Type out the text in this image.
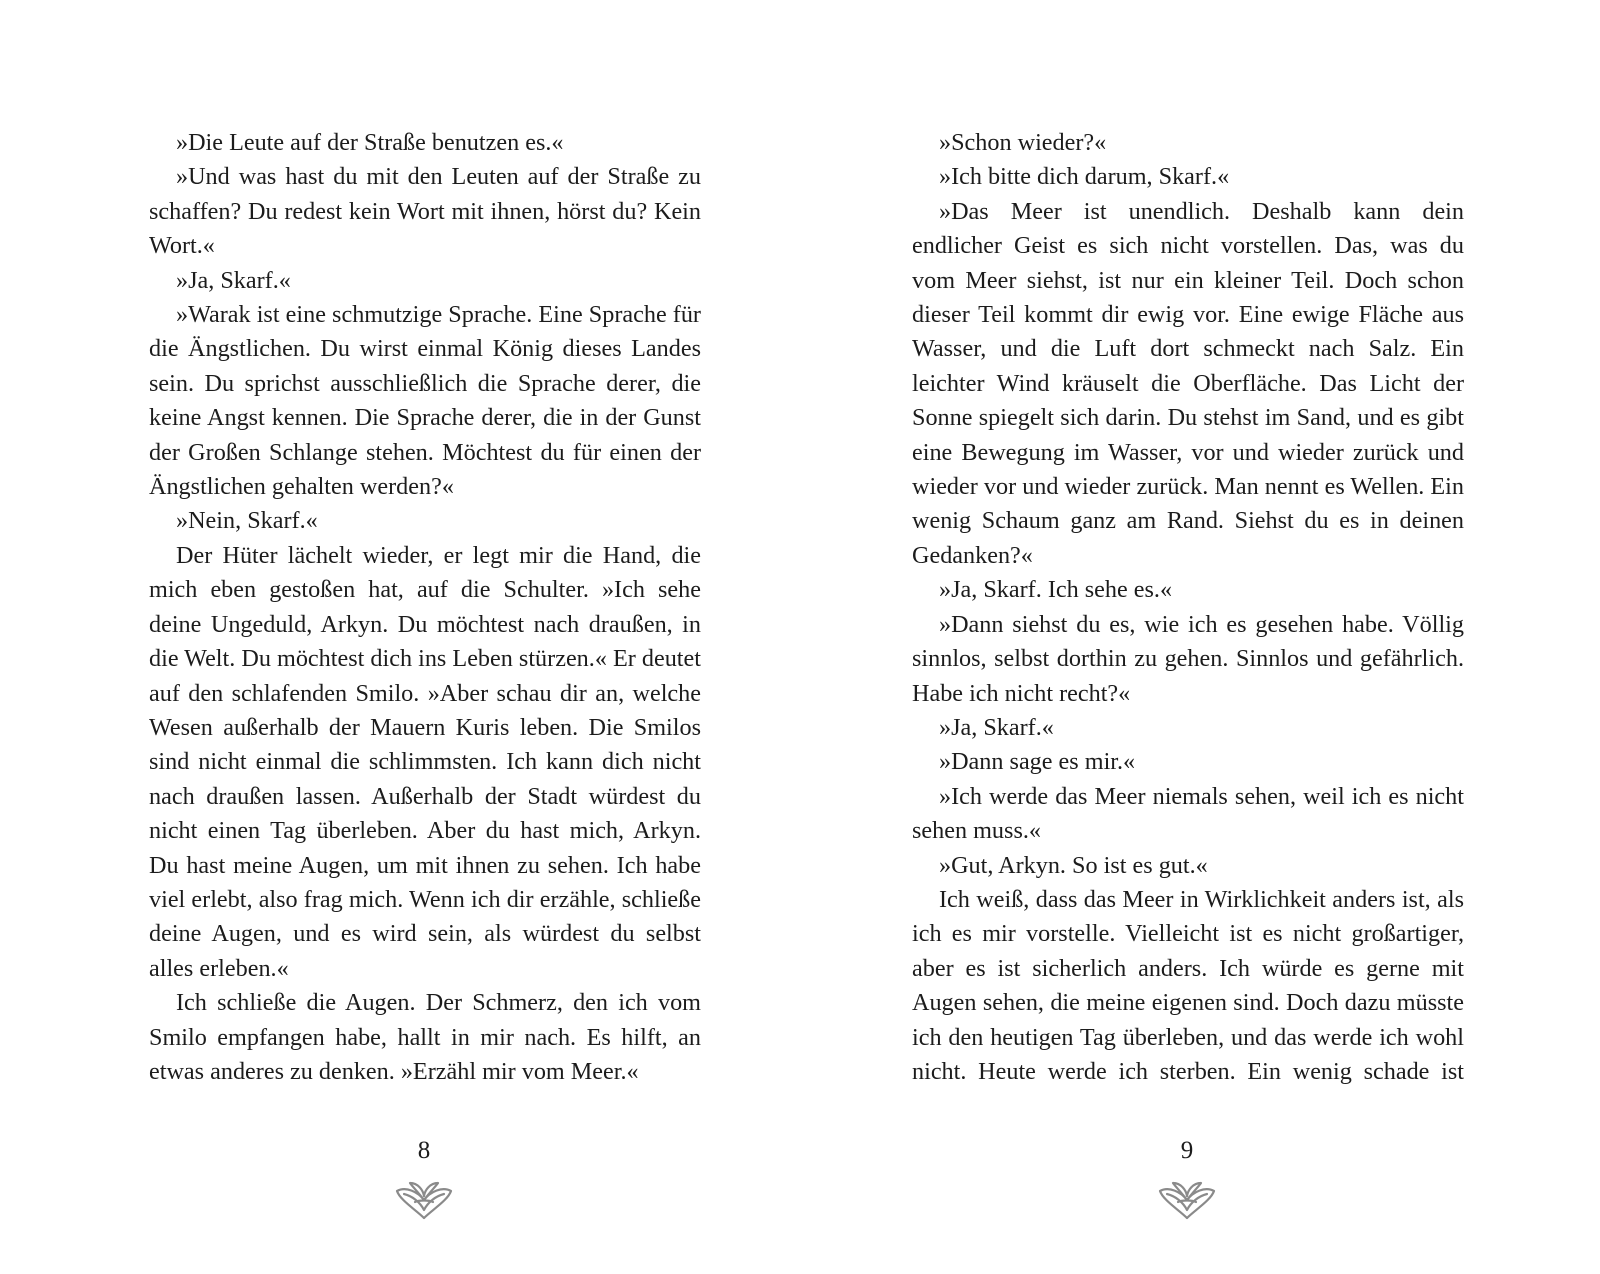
»Die Leute auf der Straße benutzen es.«

»Und was hast du mit den Leuten auf der Straße zu schaffen? Du redest kein Wort mit ihnen, hörst du? Kein Wort.«

»Ja, Skarf.«

»Warak ist eine schmutzige Sprache. Eine Sprache für die Ängstlichen. Du wirst einmal König dieses Landes sein. Du sprichst ausschließlich die Sprache derer, die keine Angst kennen. Die Sprache derer, die in der Gunst der Großen Schlange stehen. Möchtest du für einen der Ängstlichen gehalten werden?«

»Nein, Skarf.«

Der Hüter lächelt wieder, er legt mir die Hand, die mich eben gestoßen hat, auf die Schulter. »Ich sehe deine Ungeduld, Arkyn. Du möchtest nach draußen, in die Welt. Du möchtest dich ins Leben stürzen.« Er deutet auf den schlafenden Smilo. »Aber schau dir an, welche Wesen außerhalb der Mauern Kuris leben. Die Smilos sind nicht einmal die schlimmsten. Ich kann dich nicht nach draußen lassen. Außerhalb der Stadt würdest du nicht einen Tag überleben. Aber du hast mich, Arkyn. Du hast meine Augen, um mit ihnen zu sehen. Ich habe viel erlebt, also frag mich. Wenn ich dir erzähle, schließe deine Augen, und es wird sein, als würdest du selbst alles erleben.«

Ich schließe die Augen. Der Schmerz, den ich vom Smilo empfangen habe, hallt in mir nach. Es hilft, an etwas anderes zu denken. »Erzähl mir vom Meer.«

»Schon wieder?«

»Ich bitte dich darum, Skarf.«

»Das Meer ist unendlich. Deshalb kann dein endlicher Geist es sich nicht vorstellen. Das, was du vom Meer siehst, ist nur ein kleiner Teil. Doch schon dieser Teil kommt dir ewig vor. Eine ewige Fläche aus Wasser, und die Luft dort schmeckt nach Salz. Ein leichter Wind kräuselt die Oberfläche. Das Licht der Sonne spiegelt sich darin. Du stehst im Sand, und es gibt eine Bewegung im Wasser, vor und wieder zurück und wieder vor und wieder zurück. Man nennt es Wellen. Ein wenig Schaum ganz am Rand. Siehst du es in deinen Gedanken?«

»Ja, Skarf. Ich sehe es.«

»Dann siehst du es, wie ich es gesehen habe. Völlig sinnlos, selbst dorthin zu gehen. Sinnlos und gefährlich. Habe ich nicht recht?«

»Ja, Skarf.«

»Dann sage es mir.«

»Ich werde das Meer niemals sehen, weil ich es nicht sehen muss.«

»Gut, Arkyn. So ist es gut.«

Ich weiß, dass das Meer in Wirklichkeit anders ist, als ich es mir vorstelle. Vielleicht ist es nicht großartiger, aber es ist sicherlich anders. Ich würde es gerne mit Augen sehen, die meine eigenen sind. Doch dazu müsste ich den heutigen Tag überleben, und das werde ich wohl nicht. Heute werde ich sterben. Ein wenig schade ist

8	9
